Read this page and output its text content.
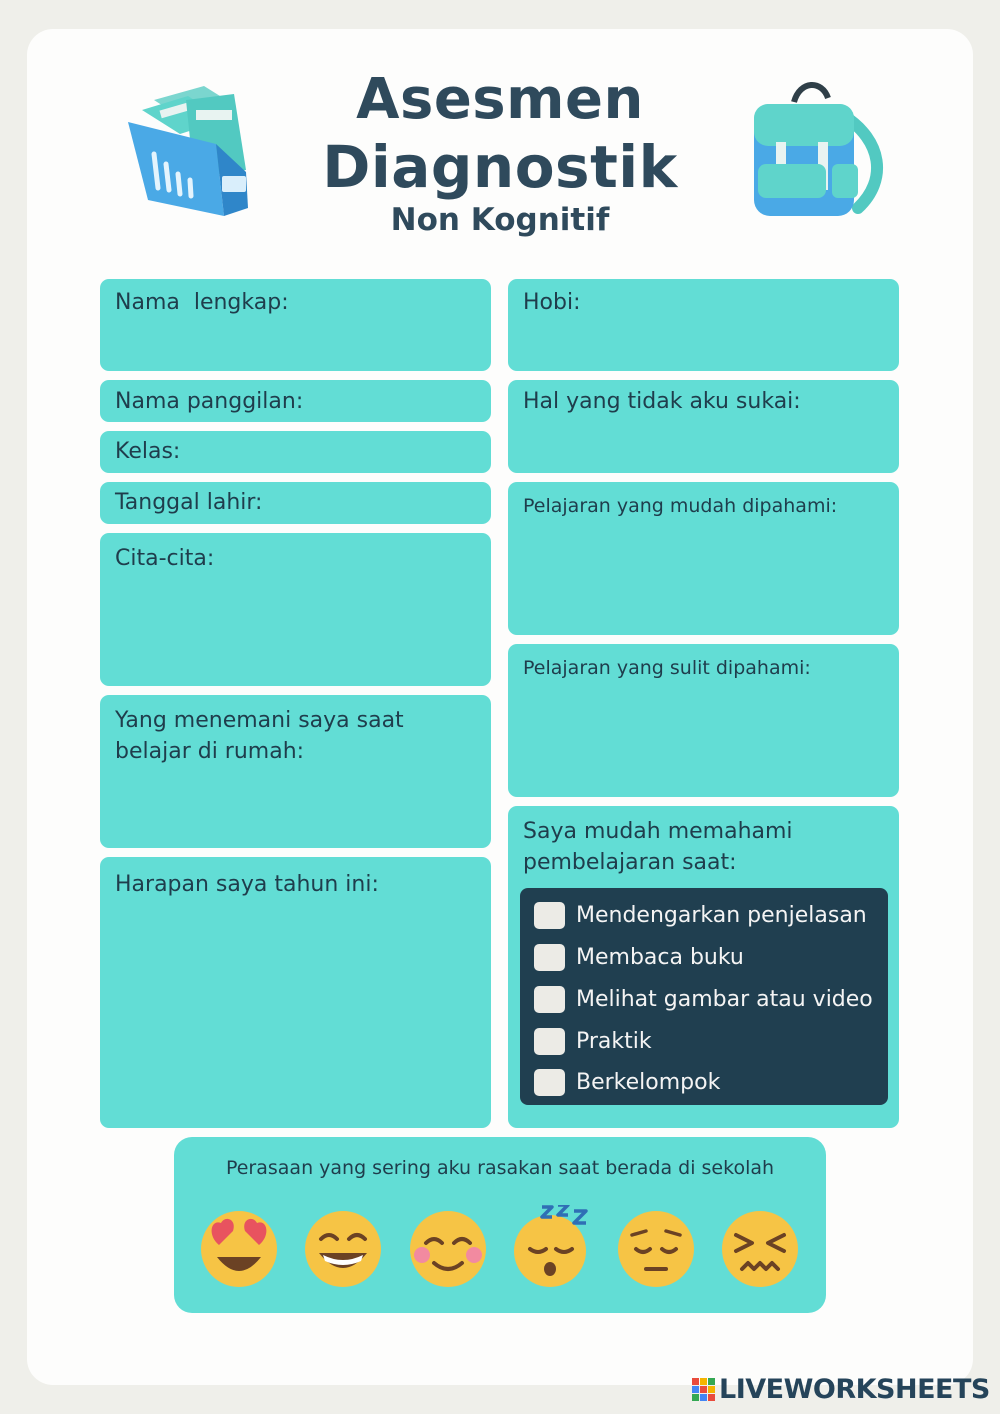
Asesmen
Diagnostik
Non Kognitif
Nama  lengkap:
Nama panggilan:
Kelas:
Tanggal lahir:
Cita-cita:
Yang menemani saya saat belajar di rumah:
Harapan saya tahun ini:
Hobi:
Hal yang tidak aku sukai:
Pelajaran yang mudah dipahami:
Pelajaran yang sulit dipahami:
Saya mudah memahami pembelajaran saat:
Mendengarkan penjelasan
Membaca buku
Melihat gambar atau video
Praktik
Berkelompok
Perasaan yang sering aku rasakan saat berada di sekolah
LIVEWORKSHEETS
